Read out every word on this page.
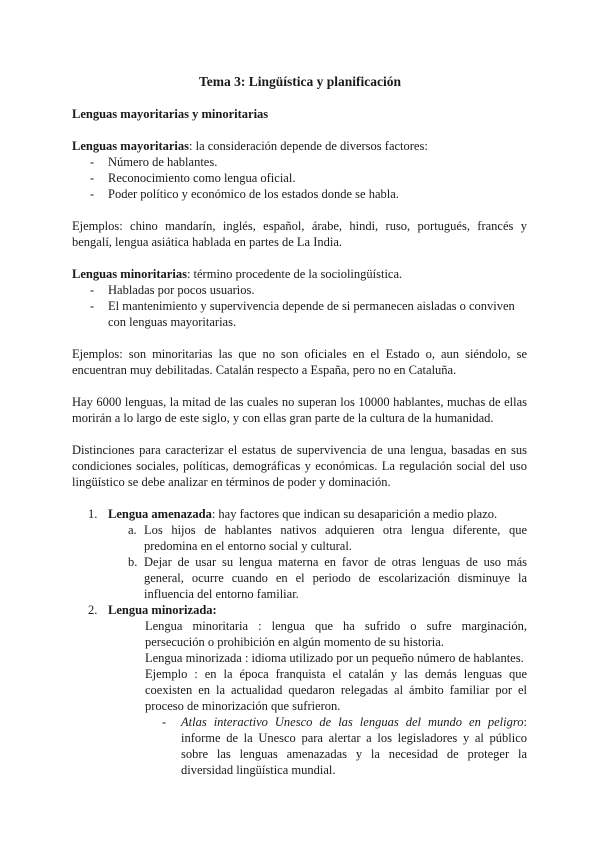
Tema 3: Lingüística y planificación
Lenguas mayoritarias y minoritarias
Lenguas mayoritarias: la consideración depende de diversos factores:
- Número de hablantes.
- Reconocimiento como lengua oficial.
- Poder político y económico de los estados donde se habla.
Ejemplos: chino mandarín, inglés, español, árabe, hindi, ruso, portugués, francés y bengalí, lengua asiática hablada en partes de La India.
Lenguas minoritarias: término procedente de la sociolingüística.
- Habladas por pocos usuarios.
- El mantenimiento y supervivencia depende de si permanecen aisladas o conviven con lenguas mayoritarias.
Ejemplos: son minoritarias las que no son oficiales en el Estado o, aun siéndolo, se encuentran muy debilitadas. Catalán respecto a España, pero no en Cataluña.
Hay 6000 lenguas, la mitad de las cuales no superan los 10000 hablantes, muchas de ellas morirán a lo largo de este siglo, y con ellas gran parte de la cultura de la humanidad.
Distinciones para caracterizar el estatus de supervivencia de una lengua, basadas en sus condiciones sociales, políticas, demográficas y económicas. La regulación social del uso lingüístico se debe analizar en términos de poder y dominación.
1. Lengua amenazada: hay factores que indican su desaparición a medio plazo.
a. Los hijos de hablantes nativos adquieren otra lengua diferente, que predomina en el entorno social y cultural.
b. Dejar de usar su lengua materna en favor de otras lenguas de uso más general, ocurre cuando en el periodo de escolarización disminuye la influencia del entorno familiar.
2. Lengua minorizada:
Lengua minoritaria : lengua que ha sufrido o sufre marginación, persecución o prohibición en algún momento de su historia.
Lengua minorizada : idioma utilizado por un pequeño número de hablantes.
Ejemplo : en la época franquista el catalán y las demás lenguas que coexisten en la actualidad quedaron relegadas al ámbito familiar por el proceso de minorización que sufrieron.
- Atlas interactivo Unesco de las lenguas del mundo en peligro: informe de la Unesco para alertar a los legisladores y al público sobre las lenguas amenazadas y la necesidad de proteger la diversidad lingüística mundial.
